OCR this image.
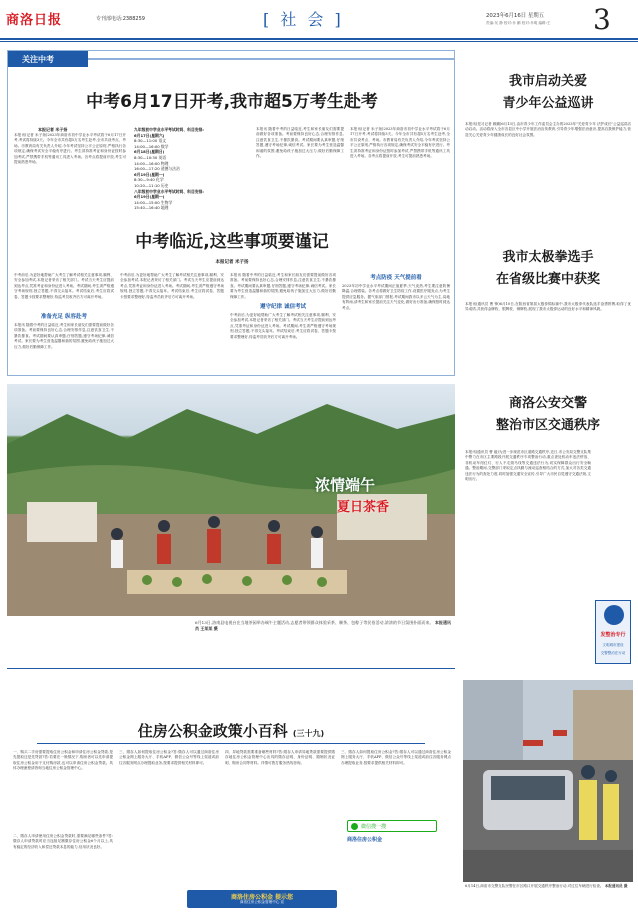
商洛日报	专刊部电话:2388259	[ 社 会 ]	2023年6月16日 星期五
责编:吴 静 校对:乔 鹏 校对:乔明 编辑:王 3
关注中考
中考6月17日开考,我市超5万考生赴考
本报记者 米子扬
本报讯(记者 米子扬)2023年商洛市初中学业水平考试将于6月17日开考,考试将持续3天。今年全市共有超5万名考生赴考,全市共设考点、考场。市教育局有关负责人介绍,今年考试坚持公平公正原则,严格执行各项规定,确保考试安全平稳有序进行。考生须持准考证和身份证按时参加考试,严禁携带手机等通讯工具进入考场。各考点将提前开放,考生可提前熟悉考场。
九年级初中学业水平考试时间、科目安排:
6月17日(星期六)
8:30—11:00 语文
14:00—16:00 数学
6月18日(星期日)
8:30—10:30 英语
14:00—16:00 物理
16:00—17:20 道德与法治
6月19日(星期一)
8:30—9:40 化学
10:20—11:10 历史
八年级初中学业水平考试时间、科目安排:
6月19日(星期一)
14:00—15:00 生物学
15:40—16:40 地理
本报讯 随着中考的日益临近,考生和家长朋友们需要提前做好各项准备。考前要保持良好心态,合理安排作息,注意饮食卫生,不暴饮暴食。考试期间要认真审题,仔细答题,遵守考场纪律,诚信考试。家长要为考生营造温馨和谐的氛围,避免给孩子施加过大压力,做好后勤保障工作。
本报讯(记者 米子扬)2023年商洛市初中学业水平考试将于6月17日开考,考试将持续3天。今年全市共有超5万名考生赴考,全市共设考点、考场。市教育局有关负责人介绍,今年考试坚持公平公正原则,严格执行各项规定,确保考试安全平稳有序进行。考生须持准考证和身份证按时参加考试,严禁携带手机等通讯工具进入考场。各考点将提前开放,考生可提前熟悉考场。
中考临近,这些事项要谨记
本报记者 米子扬
中考前后,为更好地帮助广大考生了解考试相关注意事项,顺利、安全参加考试,本报记者采访了相关部门。考试当天考生应提前到达考点,凭准考证和身份证进入考场。考试期间,考生须严格遵守考场规则,独立答题,不得交头接耳。考试结束后,考生应将试卷、答题卡按要求整理好,待监考员收齐后方可离开考场。
准备充足 纵容赴考
本报讯 随着中考的日益临近,考生和家长朋友们需要提前做好各项准备。考前要保持良好心态,合理安排作息,注意饮食卫生,不暴饮暴食。考试期间要认真审题,仔细答题,遵守考场纪律,诚信考试。家长要为考生营造温馨和谐的氛围,避免给孩子施加过大压力,做好后勤保障工作。
中考前后,为更好地帮助广大考生了解考试相关注意事项,顺利、安全参加考试,本报记者采访了相关部门。考试当天考生应提前到达考点,凭准考证和身份证进入考场。考试期间,考生须严格遵守考场规则,独立答题,不得交头接耳。考试结束后,考生应将试卷、答题卡按要求整理好,待监考员收齐后方可离开考场。
本报讯 随着中考的日益临近,考生和家长朋友们需要提前做好各项准备。考前要保持良好心态,合理安排作息,注意饮食卫生,不暴饮暴食。考试期间要认真审题,仔细答题,遵守考场纪律,诚信考试。家长要为考生营造温馨和谐的氛围,避免给孩子施加过大压力,做好后勤保障工作。
遵守纪律 诚信考试
中考前后,为更好地帮助广大考生了解考试相关注意事项,顺利、安全参加考试,本报记者采访了相关部门。考试当天考生应提前到达考点,凭准考证和身份证进入考场。考试期间,考生须严格遵守考场规则,独立答题,不得交头接耳。考试结束后,考生应将试卷、答题卡按要求整理好,待监考员收齐后方可离开考场。
考点防疫 天气提前看
2023年初中学业水平考试期间正值夏季,天气炎热,考生要注意防暑降温,合理着装。各考点将做好卫生防疫工作,设置医疗服务点,为考生提供应急服务。据气象部门预报,考试期间我市以多云天气为主,局地有阵雨,请考生和家长提前关注天气变化,做好出行准备,确保按时到达考点。
浓情端午
夏日茶香
6月13日,洛南县电视台在当地茶园举办端午主题活动,志愿者带领群众体验采茶、制茶、包粽子等民俗活动,浓浓的节日氛围扑面而来。 本报通讯员 王某某 摄
我市启动关爱
青少年公益巡讲
本报讯(见习记者 顾鹏)6月13日,由市青少年工作委员会主办的2023年"关爱青少年 法护成长"公益巡讲活动启动。活动将深入全市各县区中小学开展法治宣传教育,引导青少年增强法治意识,提高自我保护能力,营造关心关爱青少年健康成长的良好社会氛围。
我市太极拳选手
在省级比赛中获奖
本报讯(通讯员 曹 锋)6月10日,在陕西省第届太极拳锦标赛中,我市太极拳代表队选手奋勇拼搏,取得了优异成绩,共获得金牌枚、银牌枚、铜牌枚,展现了我市太极拳运动的良好水平和精神风貌。
商洛公安交警
整治市区交通秩序
本报讯(通讯员 曹 毅)为进一步规范市区道路交通秩序,近日,市公安局交警支队集中警力在市区主要路段开展交通秩序专项整治行动,重点查处机动车违法停放、非机动车闯红灯、行人不走斑马线等交通违法行为,切实保障群众出行安全畅通。整治期间,交警部门采取定点执勤与流动巡查相结合的方式,加大对各类交通违法行为的查处力度,同时加强交通安全宣传,引导广大市民自觉遵守交通法规,文明出行。
发整治专行
文明城市建设
交警整治在行动
6月14日,商洛市交警支队民警在市区路口开展交通秩序整治行动,对过往车辆进行检查。 本报通讯员 摄
住房公积金政策小百科 (三十九)
一、购买二手房需要提取住房公积金和申请住房公积金贷款,是先提取还是先贷款?答:若要在一般情况下,购房者可以先申请提取住房公积金用于支付购房款,也可以申请住房公积金贷款。具体办理流程请咨询当地住房公积金管理中心。
二、缴存人申请使用住房公积金贷款时,需要满足哪些条件?答:缴存人申请贷款时应当连续足额缴存住房公积金6个月以上,具有稳定的经济收入和偿还贷款本息的能力,信用状况良好。
三、缴存人如何提取住房公积金?答:缴存人可以通过商洛住房公积金网上服务大厅、手机APP、微信公众号等线上渠道或前往各服务网点办理提取业务,按要求提供相关材料即可。
四、异地贷款需要准备哪些材料?答:缴存人申请异地贷款需要提供缴存地住房公积金管理中心出具的缴存证明、身份证明、婚姻状况证明、购房合同等材料。详情可拨打服务热线咨询。
三、缴存人如何提取住房公积金?答:缴存人可以通过商洛住房公积金网上服务大厅、手机APP、微信公众号等线上渠道或前往各服务网点办理提取业务,按要求提供相关材料即可。
微信搜一搜
商洛住房公积金
商洛住房公积金 提示您
商洛住房公积金管理中心 宣
